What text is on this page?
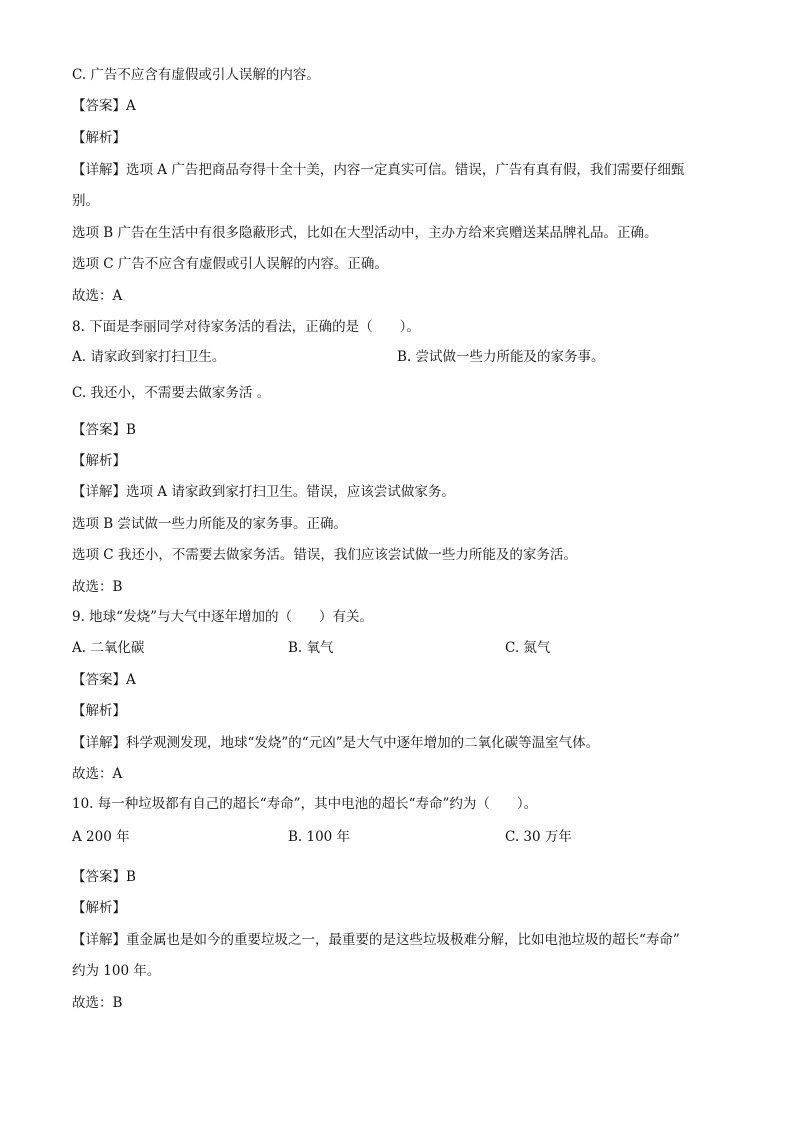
C. 广告不应含有虚假或引人误解的内容。
【答案】A
【解析】
【详解】选项 A 广告把商品夸得十全十美，内容一定真实可信。错误，广告有真有假，我们需要仔细甄
别。
选项 B 广告在生活中有很多隐蔽形式，比如在大型活动中，主办方给来宾赠送某品牌礼品。正确。
选项 C 广告不应含有虚假或引人误解的内容。正确。
故选：A
8. 下面是李丽同学对待家务活的看法，正确的是（　　）。
A. 请家政到家打扫卫生。	B. 尝试做一些力所能及的家务事。
C. 我还小，不需要去做家务活 。
【答案】B
【解析】
【详解】选项 A 请家政到家打扫卫生。错误，应该尝试做家务。
选项 B 尝试做一些力所能及的家务事。正确。
选项 C 我还小，不需要去做家务活。错误，我们应该尝试做一些力所能及的家务活。
故选：B
9. 地球“发烧”与大气中逐年增加的（　　）有关。
A. 二氧化碳	B. 氧气	C. 氮气
【答案】A
【解析】
【详解】科学观测发现，地球“发烧”的“元凶”是大气中逐年增加的二氧化碳等温室气体。
故选：A
10. 每一种垃圾都有自己的超长“寿命”，其中电池的超长“寿命”约为（　　）。
A 200 年	B. 100 年	C. 30 万年
【答案】B
【解析】
【详解】重金属也是如今的重要垃圾之一，最重要的是这些垃圾极难分解，比如电池垃圾的超长“寿命”
约为 100 年。
故选：B
